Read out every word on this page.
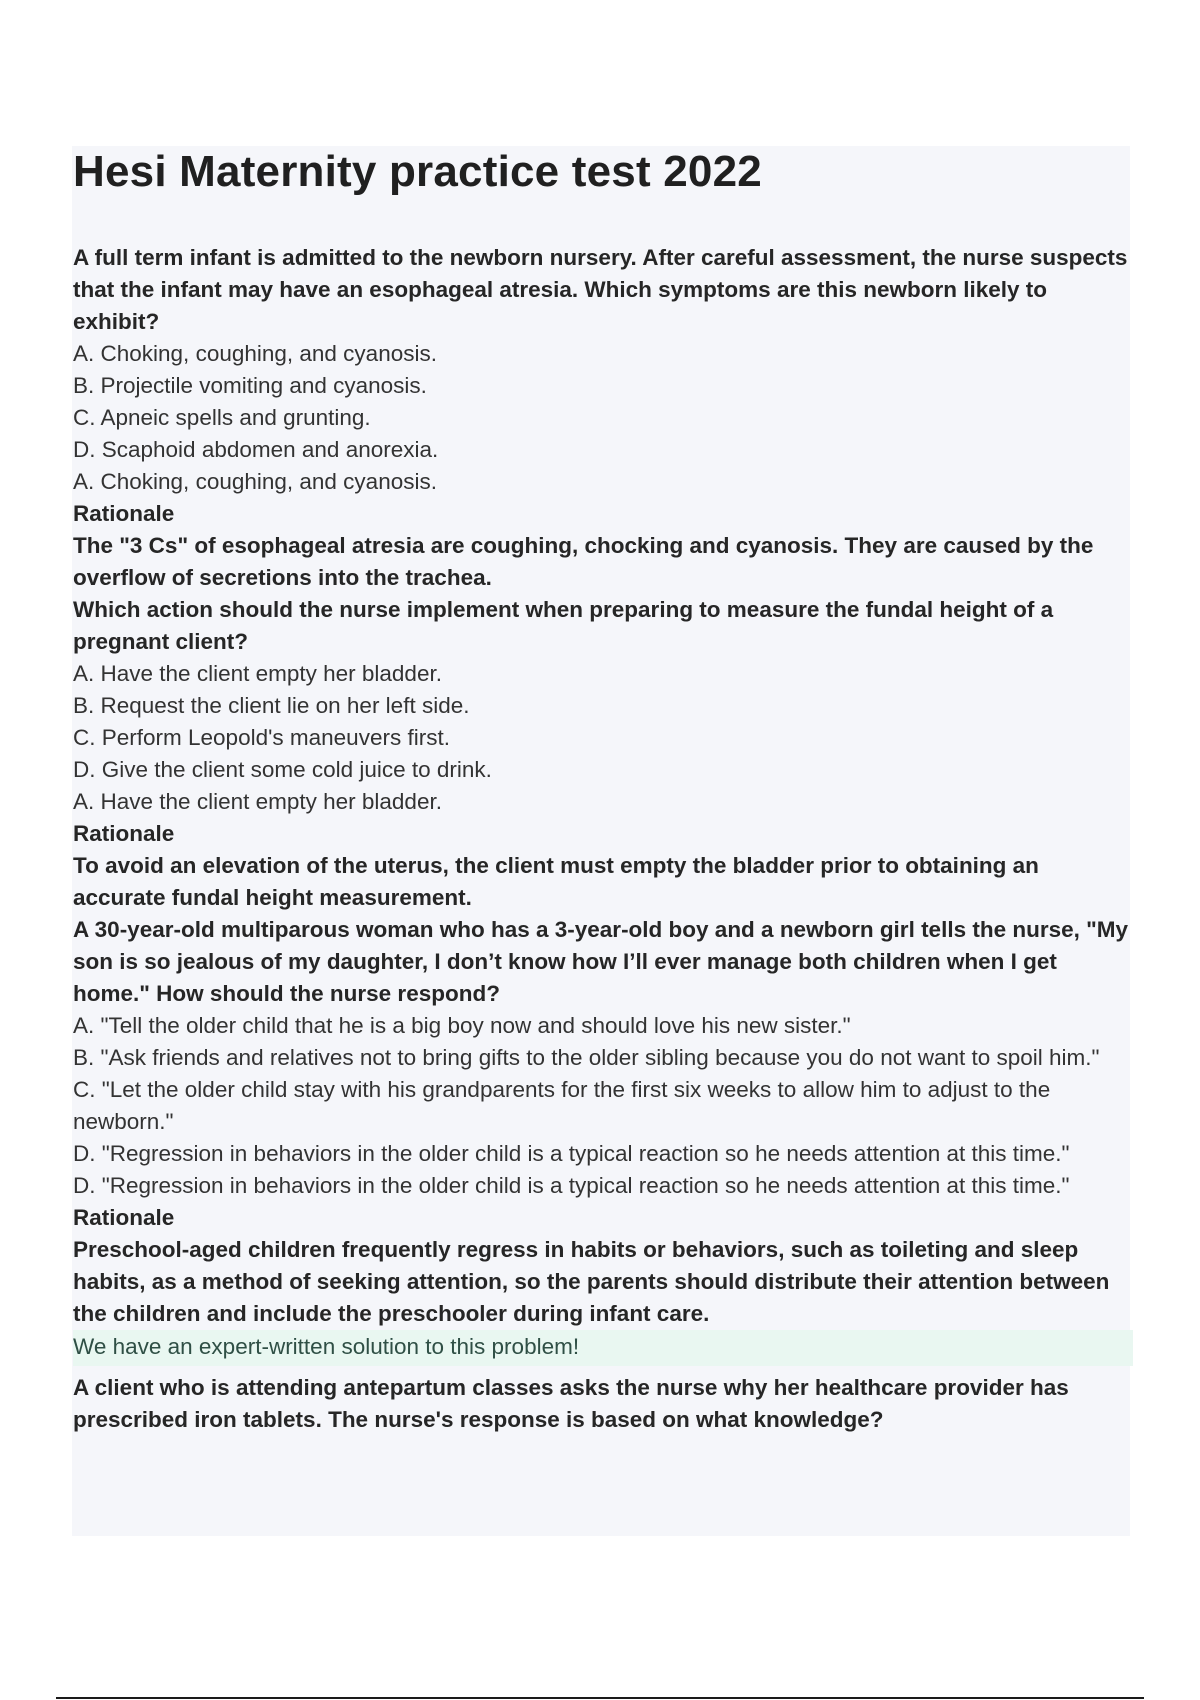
Hesi Maternity practice test 2022

A full term infant is admitted to the newborn nursery. After careful assessment, the nurse suspects that the infant may have an esophageal atresia. Which symptoms are this newborn likely to exhibit?

A. Choking, coughing, and cyanosis.

B. Projectile vomiting and cyanosis.

C. Apneic spells and grunting.

D. Scaphoid abdomen and anorexia.

A. Choking, coughing, and cyanosis.

Rationale

The "3 Cs" of esophageal atresia are coughing, chocking and cyanosis. They are caused by the overflow of secretions into the trachea.

Which action should the nurse implement when preparing to measure the fundal height of a pregnant client?

A. Have the client empty her bladder.

B. Request the client lie on her left side.

C. Perform Leopold's maneuvers first.

D. Give the client some cold juice to drink.

A. Have the client empty her bladder.

Rationale

To avoid an elevation of the uterus, the client must empty the bladder prior to obtaining an accurate fundal height measurement.

A 30-year-old multiparous woman who has a 3-year-old boy and a newborn girl tells the nurse, "My son is so jealous of my daughter, I don’t know how I’ll ever manage both children when I get home." How should the nurse respond?

A. "Tell the older child that he is a big boy now and should love his new sister."

B. "Ask friends and relatives not to bring gifts to the older sibling because you do not want to spoil him."

C. "Let the older child stay with his grandparents for the first six weeks to allow him to adjust to the newborn."

D. "Regression in behaviors in the older child is a typical reaction so he needs attention at this time."

D. "Regression in behaviors in the older child is a typical reaction so he needs attention at this time."

Rationale

Preschool-aged children frequently regress in habits or behaviors, such as toileting and sleep habits, as a method of seeking attention, so the parents should distribute their attention between the children and include the preschooler during infant care.

We have an expert-written solution to this problem!

A client who is attending antepartum classes asks the nurse why her healthcare provider has prescribed iron tablets. The nurse's response is based on what knowledge?
